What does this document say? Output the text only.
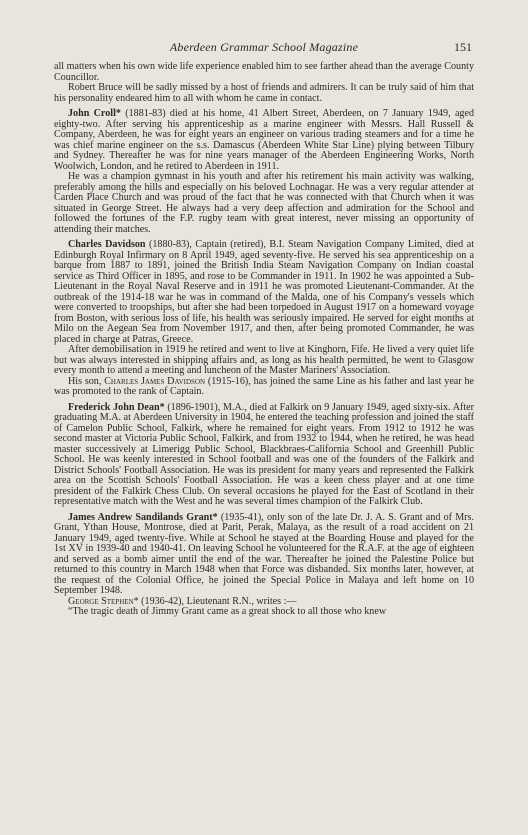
Aberdeen Grammar School Magazine	151

all matters when his own wide life experience enabled him to see farther ahead than the average County Councillor.

Robert Bruce will be sadly missed by a host of friends and admirers. It can be truly said of him that his personality endeared him to all with whom he came in contact.

John Croll* (1881-83) died at his home, 41 Albert Street, Aberdeen, on 7 January 1949, aged eighty-two. After serving his apprenticeship as a marine engineer with Messrs. Hall Russell & Company, Aberdeen, he was for eight years an engineer on various trading steamers and for a time he was chief marine engineer on the s.s. Damascus (Aberdeen White Star Line) plying between Tilbury and Sydney. Thereafter he was for nine years manager of the Aberdeen Engineering Works, North Woolwich, London, and he retired to Aberdeen in 1911.

He was a champion gymnast in his youth and after his retirement his main activity was walking, preferably among the hills and especially on his beloved Lochnagar. He was a very regular attender at Carden Place Church and was proud of the fact that he was connected with that Church when it was situated in George Street. He always had a very deep affection and admiration for the School and followed the fortunes of the F.P. rugby team with great interest, never missing an opportunity of attending their matches.

Charles Davidson (1880-83), Captain (retired), B.I. Steam Navigation Company Limited, died at Edinburgh Royal Infirmary on 8 April 1949, aged seventy-five. He served his sea apprenticeship on a barque from 1887 to 1891, joined the British India Steam Navigation Company on Indian coastal service as Third Officer in 1895, and rose to be Commander in 1911. In 1902 he was appointed a Sub-Lieutenant in the Royal Naval Reserve and in 1911 he was promoted Lieutenant-Commander. At the outbreak of the 1914-18 war he was in command of the Malda, one of his Company's vessels which were converted to troopships, but after she had been torpedoed in August 1917 on a homeward voyage from Boston, with serious loss of life, his health was seriously impaired. He served for eight months at Milo on the Aegean Sea from November 1917, and then, after being promoted Commander, he was placed in charge at Patras, Greece.

After demobilisation in 1919 he retired and went to live at Kinghorn, Fife. He lived a very quiet life but was always interested in shipping affairs and, as long as his health permitted, he went to Glasgow every month to attend a meeting and luncheon of the Master Mariners' Association.

His son, Charles James Davidson (1915-16), has joined the same Line as his father and last year he was promoted to the rank of Captain.

Frederick John Dean* (1896-1901), M.A., died at Falkirk on 9 January 1949, aged sixty-six. After graduating M.A. at Aberdeen University in 1904, he entered the teaching profession and joined the staff of Camelon Public School, Falkirk, where he remained for eight years. From 1912 to 1912 he was second master at Victoria Public School, Falkirk, and from 1932 to 1944, when he retired, he was head master successively at Limerigg Public School, Blackbraes-California School and Greenhill Public School. He was keenly interested in School football and was one of the founders of the Falkirk and District Schools' Football Association. He was its president for many years and represented the Falkirk area on the Scottish Schools' Football Association. He was a keen chess player and at one time president of the Falkirk Chess Club. On several occasions he played for the East of Scotland in their representative match with the West and he was several times champion of the Falkirk Club.

James Andrew Sandilands Grant* (1935-41), only son of the late Dr. J. A. S. Grant and of Mrs. Grant, Ythan House, Montrose, died at Parit, Perak, Malaya, as the result of a road accident on 21 January 1949, aged twenty-five. While at School he stayed at the Boarding House and played for the 1st XV in 1939-40 and 1940-41. On leaving School he volunteered for the R.A.F. at the age of eighteen and served as a bomb aimer until the end of the war. Thereafter he joined the Palestine Police but returned to this country in March 1948 when that Force was disbanded. Six months later, however, at the request of the Colonial Office, he joined the Special Police in Malaya and left home on 10 September 1948.

George Stephen* (1936-42), Lieutenant R.N., writes :—

“The tragic death of Jimmy Grant came as a great shock to all those who knew
